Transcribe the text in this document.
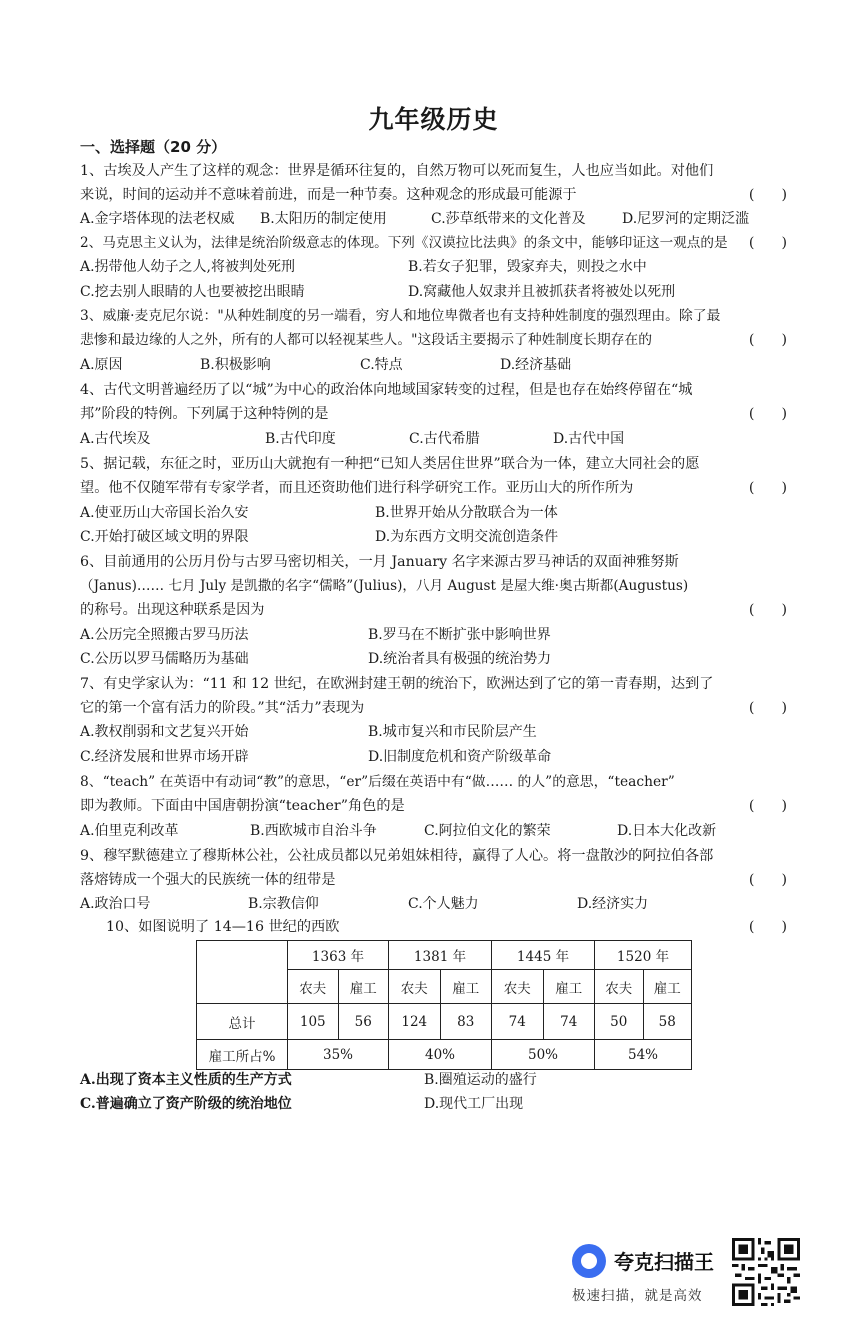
九年级历史
一、选择题（20 分）
1、古埃及人产生了这样的观念：世界是循环往复的，自然万物可以死而复生，人也应当如此。对他们
来说，时间的运动并不意味着前进，而是一种节奏。这种观念的形成最可能源于	(      )
A.金字塔体现的法老权威 B.太阳历的制定使用	C.莎草纸带来的文化普及	D.尼罗河的定期泛滥
2、马克思主义认为，法律是统治阶级意志的体现。下列《汉谟拉比法典》的条文中，能够印证这一观点的是	(      )
A.拐带他人幼子之人,将被判处死刑	B.若女子犯罪，毁家弃夫，则投之水中
C.挖去别人眼睛的人也要被挖出眼睛	D.窝藏他人奴隶并且被抓获者将被处以死刑
3、威廉·麦克尼尔说："从种姓制度的另一端看，穷人和地位卑微者也有支持种姓制度的强烈理由。除了最
悲惨和最边缘的人之外，所有的人都可以轻视某些人。"这段话主要揭示了种姓制度长期存在的	(      )
A.原因	B.积极影响	C.特点	D.经济基础
4、古代文明普遍经历了以“城”为中心的政治体向地域国家转变的过程，但是也存在始终停留在“城
邦”阶段的特例。下列属于这种特例的是	(      )
A.古代埃及	B.古代印度	C.古代希腊	D.古代中国
5、据记载，东征之时，亚历山大就抱有一种把“已知人类居住世界”联合为一体，建立大同社会的愿
望。他不仅随军带有专家学者，而且还资助他们进行科学研究工作。亚历山大的所作所为	(      )
A.使亚历山大帝国长治久安	B.世界开始从分散联合为一体
C.开始打破区域文明的界限	D.为东西方文明交流创造条件
6、目前通用的公历月份与古罗马密切相关，一月 January 名字来源古罗马神话的双面神雅努斯
（Janus)…… 七月 July 是凯撒的名字“儒略”(Julius)，八月 August 是屋大维·奥古斯都(Augustus)
的称号。出现这种联系是因为	(      )
A.公历完全照搬古罗马历法	B.罗马在不断扩张中影响世界
C.公历以罗马儒略历为基础	D.统治者具有极强的统治势力
7、有史学家认为：“11 和 12 世纪，在欧洲封建王朝的统治下，欧洲达到了它的第一青春期，达到了
它的第一个富有活力的阶段。”其“活力”表现为	(      )
A.教权削弱和文艺复兴开始	B.城市复兴和市民阶层产生
C.经济发展和世界市场开辟	D.旧制度危机和资产阶级革命
8、“teach” 在英语中有动词“教”的意思，“er”后缀在英语中有“做…… 的人”的意思，“teacher”
即为教师。下面由中国唐朝扮演“teacher”角色的是	(      )
A.伯里克利改革	B.西欧城市自治斗争	C.阿拉伯文化的繁荣	D.日本大化改新
9、穆罕默德建立了穆斯林公社，公社成员都以兄弟姐妹相待，赢得了人心。将一盘散沙的阿拉伯各部
落熔铸成一个强大的民族统一体的纽带是	(      )
A.政治口号	B.宗教信仰	C.个人魅力	D.经济实力
10、如图说明了 14—16 世纪的西欧	(      )
	1363 年		1381 年		1445 年		1520 年	
	农夫	雇工	农夫	雇工	农夫	雇工	农夫	雇工
总计	105	56	124	83	74	74	50	58
雇工所占%	35%		40%		50%		54%	
A.出现了资本主义性质的生产方式	B.圈殖运动的盛行
C.普遍确立了资产阶级的统治地位	D.现代工厂出现
夸克扫描王
极速扫描，就是高效
